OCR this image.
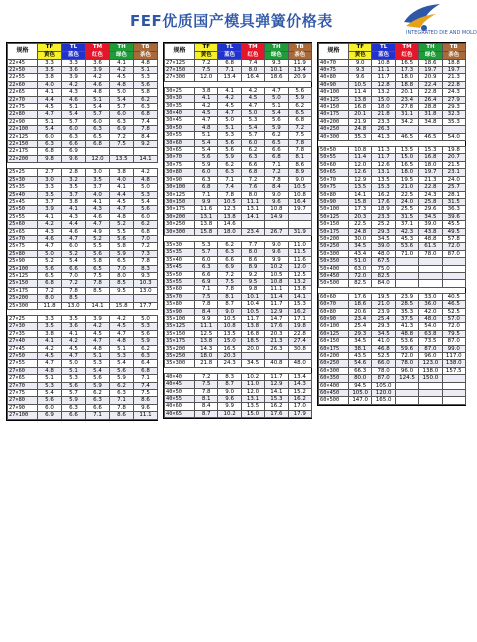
FEF优质国产模具弹簧价格表
INTEGRATED DIE AND MOLD
规格	TF	TL	TM	TH	TB
	黄色	蓝色	红色	绿色	茶色
22×45	3.3	3.3	3.6	4.1	4.8
22×50	3.5	3.6	3.9	4.2	5.1
22×55	3.8	3.9	4.2	4.5	5.3
22×60	4.0	4.2	4.6	4.8	5.6
22×65	4.1	4.3	4.8	5.0	5.8
22×70	4.4	4.6	5.1	5.4	6.2
22×75	4.5	5.1	5.4	5.7	6.3
22×80	4.7	5.4	5.7	6.0	6.8
22×90	5.1	5.7	6.0	6.3	7.4
22×100	5.4	6.0	6.3	6.9	7.8
22×125	6.0	6.3	6.5	7.2	8.4
22×150	6.3	6.6	6.8	7.5	9.2
22×175	6.8	6.9			
22×200	9.8	9.6	12.0	13.5	14.1

25×25	2.7	2.8	3.0	3.8	4.2
25×30	3.0	3.2	3.5	4.0	4.8
25×35	3.3	3.5	3.7	4.1	5.0
25×40	3.5	3.7	4.0	4.4	5.3
25×45	3.7	3.8	4.1	4.5	5.4
25×50	3.9	4.1	4.3	4.7	5.6
25×55	4.1	4.3	4.6	4.8	6.0
25×60	4.2	4.4	4.7	5.2	6.2
25×65	4.3	4.6	4.9	5.5	6.8
25×70	4.6	4.7	5.2	5.6	7.0
25×75	4.7	6.0	5.5	5.8	7.2
25×80	5.0	5.2	5.6	5.9	7.3
25×90	5.2	5.4	5.8	6.5	7.8
25×100	5.6	6.6	6.5	7.0	8.3
25×125	6.5	7.0	7.5	8.0	9.3
25×150	6.8	7.2	7.8	8.5	10.3
25×175	7.2	7.8	8.5	9.5	13.0
25×200	8.0	8.5			
25×300	11.8	13.0	14.1	15.8	17.7

27×25	3.3	3.5	3.9	4.2	5.0
27×30	3.5	3.6	4.2	4.5	5.3
27×35	3.8	4.1	4.5	4.7	5.6
27×40	4.1	4.2	4.7	4.8	5.9
27×45	4.2	4.5	4.8	5.1	6.2
27×50	4.5	4.7	5.1	5.3	6.3
27×55	4.7	5.0	5.3	5.4	6.4
27×60	4.8	5.1	5.4	5.6	6.8
27×65	5.1	5.3	5.6	5.9	7.1
27×70	5.3	5.6	5.9	6.2	7.4
27×75	5.4	5.7	6.2	6.3	7.5
27×80	5.6	5.9	6.3	7.1	8.6
27×90	6.0	6.3	6.6	7.8	9.6
27×100	6.9	6.6	7.1	8.6	11.1
规格	TF	TL	TM	TH	TB
	黄色	蓝色	红色	绿色	茶色
27×125	7.2	6.8	7.4	9.3	11.9
27×150	7.5	7.1	8.0	10.1	13.4
27×300	12.0	13.4	16.4	18.6	20.9

30×25	3.8	4.1	4.2	4.7	5.6
30×30	4.1	4.2	4.5	5.0	5.9
30×35	4.2	4.5	4.7	5.1	6.2
30×40	4.5	4.7	5.0	5.4	6.5
30×45	4.7	5.0	5.3	5.6	6.8
30×50	4.8	5.1	5.4	5.9	7.2
30×55	5.1	5.3	5.7	6.2	7.5
30×60	5.4	5.6	6.0	6.5	7.8
30×65	5.4	5.6	6.2	6.6	7.8
30×70	5.6	5.9	6.3	6.8	8.1
30×75	5.9	6.2	6.6	7.1	8.6
30×80	6.0	6.3	6.8	7.2	8.9
30×90	6.3	7.1	7.2	7.8	9.0
30×100	6.8	7.4	7.6	8.4	10.5
30×125	7.1	7.8	8.0	9.0	10.8
30×150	9.9	10.5	11.1	9.6	16.4
30×175	11.6	12.3	13.1	10.8	19.7
30×200	13.1	13.8	14.1	14.9	
30×250	13.8	14.6			
30×300	15.8	18.0	23.4	26.7	31.9

35×30	5.3	6.2	7.7	9.0	11.0
35×35	5.7	6.3	8.0	9.6	11.5
35×40	6.0	6.6	8.6	9.9	11.6
35×45	6.3	6.9	8.9	10.2	12.0
35×50	6.6	7.2	9.2	10.5	12.5
35×55	6.9	7.5	9.5	10.8	13.2
35×60	7.1	7.8	9.8	11.1	13.8
35×70	7.5	8.1	10.1	11.4	14.1
35×80	7.8	8.7	10.4	11.7	15.3
35×90	8.4	9.0	10.5	12.9	16.2
35×100	9.9	10.5	11.7	14.7	17.1
35×125	11.1	10.8	13.8	17.6	19.8
35×150	12.5	13.5	16.8	20.3	22.8
35×175	13.8	15.0	18.5	21.3	27.4
35×200	14.3	16.5	20.0	26.3	30.8
35×250	18.0	20.3			
35×300	21.8	24.3	34.5	40.8	48.0

40×40	7.2	8.3	10.2	11.7	13.4
40×45	7.5	8.7	11.0	12.9	14.3
40×50	7.8	9.0	12.0	14.1	15.2
40×55	8.1	9.6	13.1	15.3	16.2
40×60	8.4	9.9	13.5	16.2	17.0
40×65	8.7	10.2	15.0	17.6	17.9
规格	TF	TL	TM	TH	TB
	黄色	蓝色	红色	绿色	茶色
40×70	9.0	10.8	16.5	18.6	18.8
40×75	9.3	11.1	17.3	19.7	19.7
40×80	9.6	11.7	18.0	20.9	21.3
40×90	10.5	12.8	18.8	22.4	22.8
40×100	11.4	13.2	20.1	22.8	24.3
40×125	13.8	15.0	23.4	26.4	27.9
40×150	16.8	18.0	27.8	28.8	29.3
40×175	20.1	21.8	31.1	31.8	32.3
40×200	21.9	23.3	34.2	34.8	35.3
40×250	24.8	26.3			
40×300	35.3	41.3	46.5	46.5	54.0

50×50	10.8	11.3	13.5	15.3	19.8
50×55	11.4	11.7	15.0	16.8	20.7
50×60	12.0	12.6	16.5	18.0	21.5
50×65	12.6	13.1	18.0	19.7	23.1
50×70	12.9	13.5	19.5	21.3	24.0
50×75	13.5	15.3	21.0	22.8	25.7
50×80	14.1	16.2	22.5	24.3	28.1
50×90	15.8	17.6	24.0	25.8	31.5
50×100	17.3	18.9	25.5	29.6	36.3
50×125	20.3	23.3	31.5	34.5	39.6
50×150	22.5	25.2	37.1	39.0	45.5
50×175	24.8	29.3	42.3	43.8	49.5
50×200	30.0	34.5	45.3	48.8	57.8
50×250	34.5	39.0	53.6	61.5	72.0
50×300	43.4	48.0	71.0	78.0	87.0
50×350	51.0	67.5			
50×400	63.0	75.0			
50×450	72.0	82.5			
50×500	82.5	84.0			

60×60	17.6	19.5	23.9	33.0	40.5
60×70	18.6	21.0	28.5	36.0	46.5
60×80	20.6	23.9	35.3	42.0	52.5
60×90	23.4	25.4	37.5	48.0	57.0
60×100	25.4	29.3	41.3	54.0	72.0
60×125	29.3	34.5	48.8	63.8	79.5
60×150	34.5	41.0	53.6	73.5	87.0
60×175	38.1	46.8	59.6	87.0	99.0
60×200	43.5	52.5	72.0	96.0	117.0
60×250	54.6	66.0	78.0	123.0	138.0
60×300	66.3	78.0	96.0	138.0	157.5
60×350	80.0	87.0	124.5	150.0	
60×400	94.5	105.0			
60×450	105.0	120.0			
60×500	147.0	165.0			
